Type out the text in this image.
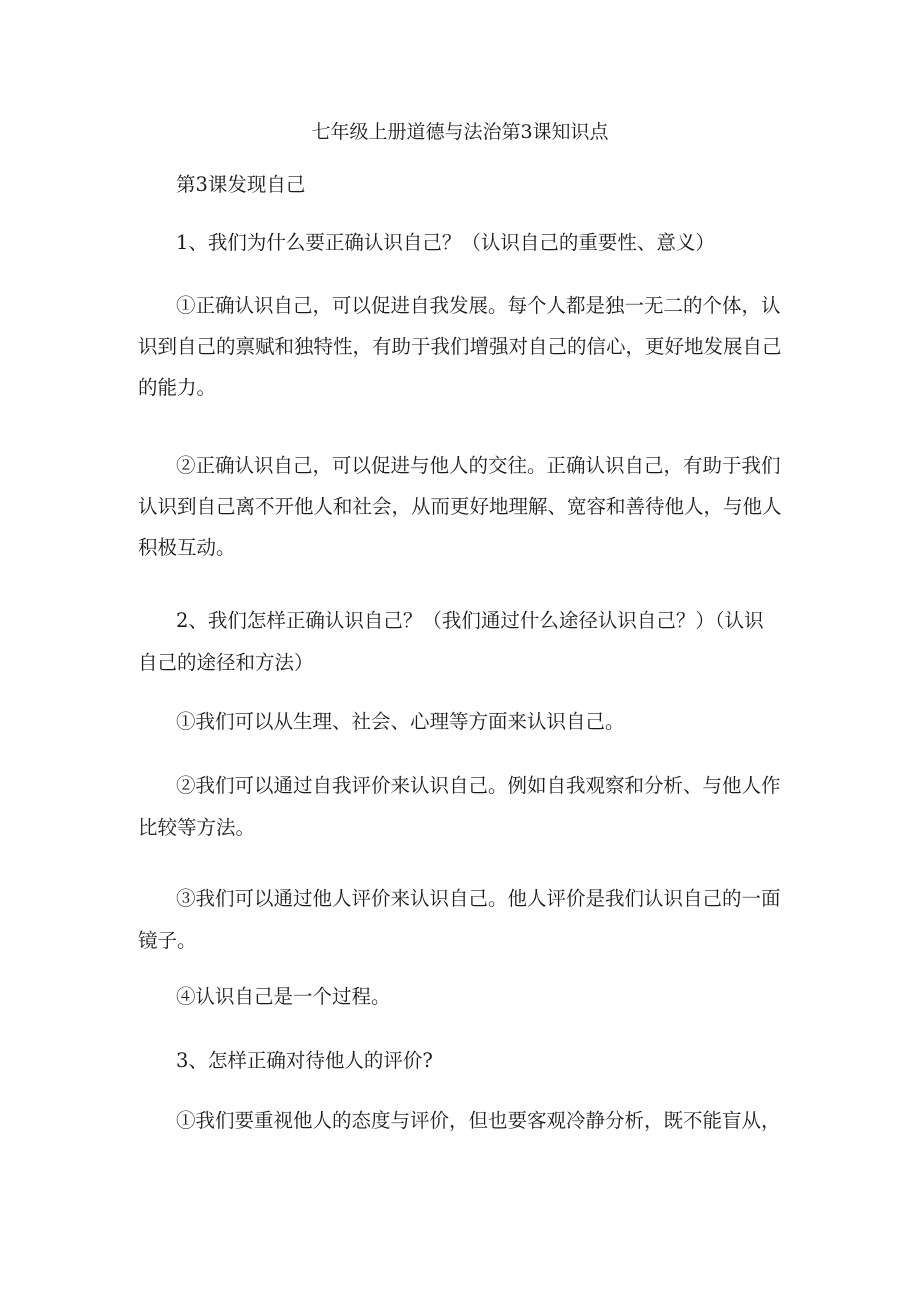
七年级上册道德与法治第3课知识点
第3课发现自己
1、我们为什么要正确认识自己？（认识自己的重要性、意义）
①正确认识自己，可以促进自我发展。每个人都是独一无二的个体，认识到自己的禀赋和独特性，有助于我们增强对自己的信心，更好地发展自己的能力。
②正确认识自己，可以促进与他人的交往。正确认识自己，有助于我们认识到自己离不开他人和社会，从而更好地理解、宽容和善待他人，与他人积极互动。
2、我们怎样正确认识自己？（我们通过什么途径认识自己？）（认识 自己的途径和方法）
①我们可以从生理、社会、心理等方面来认识自己。
②我们可以通过自我评价来认识自己。例如自我观察和分析、与他人作比较等方法。
③我们可以通过他人评价来认识自己。他人评价是我们认识自己的一面镜子。
④认识自己是一个过程。
3、怎样正确对待他人的评价?
①我们要重视他人的态度与评价，但也要客观冷静分析，既不能盲从，
